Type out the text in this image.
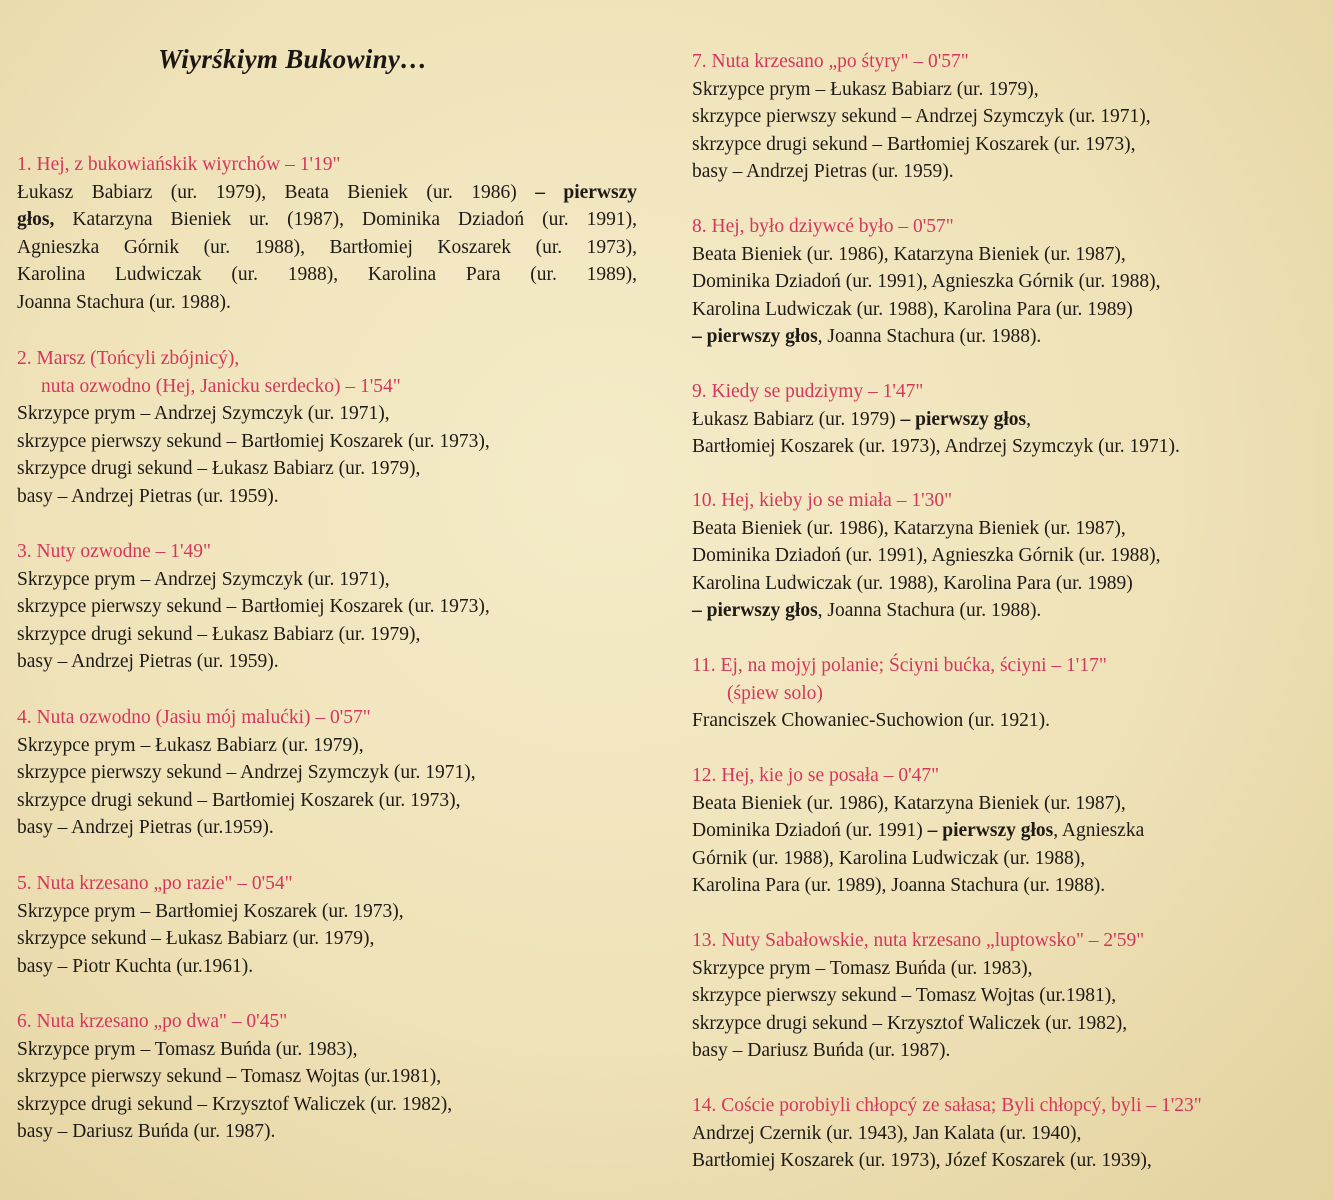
Wiyrśkiym Bukowiny…
1. Hej, z bukowiańskik wiyrchów – 1'19"
Łukasz Babiarz (ur. 1979), Beata Bieniek (ur. 1986) – pierwszy
głos, Katarzyna Bieniek ur. (1987), Dominika Dziadoń (ur. 1991),
Agnieszka Górnik (ur. 1988), Bartłomiej Koszarek (ur. 1973),
Karolina Ludwiczak (ur. 1988), Karolina Para (ur. 1989),
Joanna Stachura (ur. 1988).
2. Marsz (Tońcyli zbójnicý),
nuta ozwodno (Hej, Janicku serdecko) – 1'54"
Skrzypce prym – Andrzej Szymczyk (ur. 1971),
skrzypce pierwszy sekund – Bartłomiej Koszarek (ur. 1973),
skrzypce drugi sekund – Łukasz Babiarz (ur. 1979),
basy – Andrzej Pietras (ur. 1959).
3. Nuty ozwodne – 1'49"
Skrzypce prym – Andrzej Szymczyk (ur. 1971),
skrzypce pierwszy sekund – Bartłomiej Koszarek (ur. 1973),
skrzypce drugi sekund – Łukasz Babiarz (ur. 1979),
basy – Andrzej Pietras (ur. 1959).
4. Nuta ozwodno (Jasiu mój malućki) – 0'57"
Skrzypce prym – Łukasz Babiarz (ur. 1979),
skrzypce pierwszy sekund – Andrzej Szymczyk (ur. 1971),
skrzypce drugi sekund – Bartłomiej Koszarek (ur. 1973),
basy – Andrzej Pietras (ur.1959).
5. Nuta krzesano „po razie" – 0'54"
Skrzypce prym – Bartłomiej Koszarek (ur. 1973),
skrzypce sekund – Łukasz Babiarz (ur. 1979),
basy – Piotr Kuchta (ur.1961).
6. Nuta krzesano „po dwa" – 0'45"
Skrzypce prym – Tomasz Buńda (ur. 1983),
skrzypce pierwszy sekund – Tomasz Wojtas (ur.1981),
skrzypce drugi sekund – Krzysztof Waliczek (ur. 1982),
basy – Dariusz Buńda (ur. 1987).
7. Nuta krzesano „po śtyry" – 0'57"
Skrzypce prym – Łukasz Babiarz (ur. 1979),
skrzypce pierwszy sekund – Andrzej Szymczyk (ur. 1971),
skrzypce drugi sekund – Bartłomiej Koszarek (ur. 1973),
basy – Andrzej Pietras (ur. 1959).
8. Hej, było dziywcé było – 0'57"
Beata Bieniek (ur. 1986), Katarzyna Bieniek (ur. 1987),
Dominika Dziadoń (ur. 1991), Agnieszka Górnik (ur. 1988),
Karolina Ludwiczak (ur. 1988), Karolina Para (ur. 1989)
– pierwszy głos, Joanna Stachura (ur. 1988).
9. Kiedy se pudziymy – 1'47"
Łukasz Babiarz (ur. 1979) – pierwszy głos,
Bartłomiej Koszarek (ur. 1973), Andrzej Szymczyk (ur. 1971).
10. Hej, kieby jo se miała – 1'30"
Beata Bieniek (ur. 1986), Katarzyna Bieniek (ur. 1987),
Dominika Dziadoń (ur. 1991), Agnieszka Górnik (ur. 1988),
Karolina Ludwiczak (ur. 1988), Karolina Para (ur. 1989)
– pierwszy głos, Joanna Stachura (ur. 1988).
11. Ej, na mojyj polanie; Ściyni bućka, ściyni – 1'17"
(śpiew solo)
Franciszek Chowaniec-Suchowion (ur. 1921).
12. Hej, kie jo se posała – 0'47"
Beata Bieniek (ur. 1986), Katarzyna Bieniek (ur. 1987),
Dominika Dziadoń (ur. 1991) – pierwszy głos, Agnieszka
Górnik (ur. 1988), Karolina Ludwiczak (ur. 1988),
Karolina Para (ur. 1989), Joanna Stachura (ur. 1988).
13. Nuty Sabałowskie, nuta krzesano „luptowsko" – 2'59"
Skrzypce prym – Tomasz Buńda (ur. 1983),
skrzypce pierwszy sekund – Tomasz Wojtas (ur.1981),
skrzypce drugi sekund – Krzysztof Waliczek (ur. 1982),
basy – Dariusz Buńda (ur. 1987).
14. Coście porobiyli chłopcý ze sałasa; Byli chłopcý, byli – 1'23"
Andrzej Czernik (ur. 1943), Jan Kalata (ur. 1940),
Bartłomiej Koszarek (ur. 1973), Józef Koszarek (ur. 1939),
